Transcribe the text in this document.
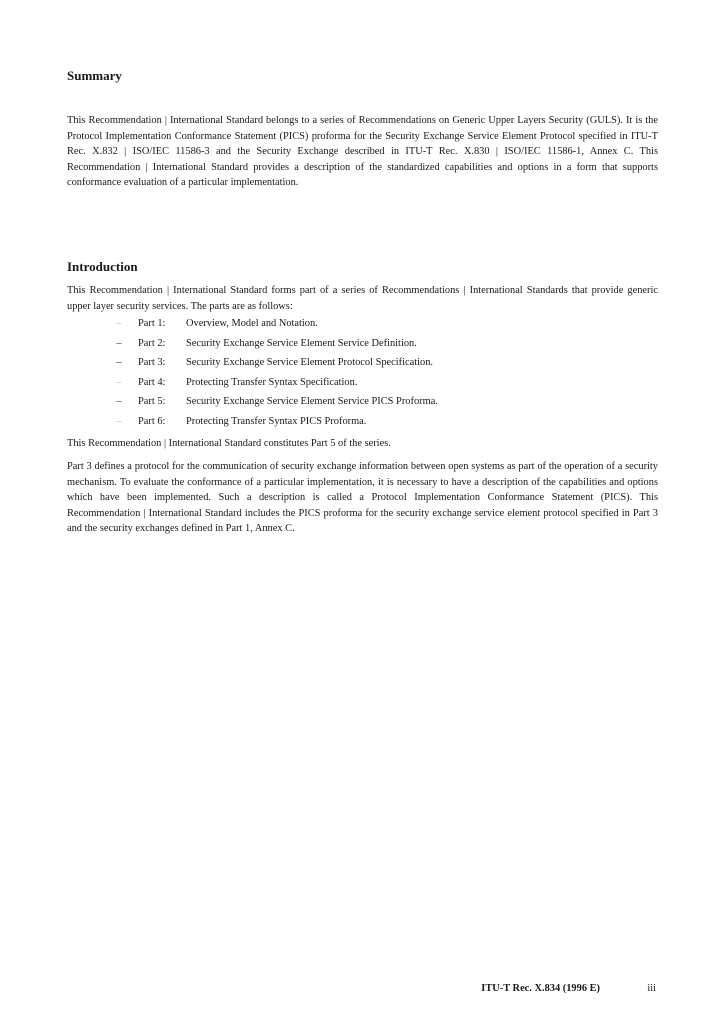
Summary

This Recommendation | International Standard belongs to a series of Recommendations on Generic Upper Layers Security (GULS). It is the Protocol Implementation Conformance Statement (PICS) proforma for the Security Exchange Service Element Protocol specified in ITU-T Rec. X.832 | ISO/IEC 11586-3 and the Security Exchange described in ITU-T Rec. X.830 | ISO/IEC 11586-1, Annex C. This Recommendation | International Standard provides a description of the standardized capabilities and options in a form that supports conformance evaluation of a particular implementation.

Introduction

This Recommendation | International Standard forms part of a series of Recommendations | International Standards that provide generic upper layer security services. The parts are as follows:

– Part 1: Overview, Model and Notation.
– Part 2: Security Exchange Service Element Service Definition.
– Part 3: Security Exchange Service Element Protocol Specification.
– Part 4: Protecting Transfer Syntax Specification.
– Part 5: Security Exchange Service Element Service PICS Proforma.
– Part 6: Protecting Transfer Syntax PICS Proforma.

This Recommendation | International Standard constitutes Part 5 of the series.

Part 3 defines a protocol for the communication of security exchange information between open systems as part of the operation of a security mechanism. To evaluate the conformance of a particular implementation, it is necessary to have a description of the capabilities and options which have been implemented. Such a description is called a Protocol Implementation Conformance Statement (PICS). This Recommendation | International Standard includes the PICS proforma for the security exchange service element protocol specified in Part 3 and the security exchanges defined in Part 1, Annex C.

ITU-T Rec. X.834 (1996 E)	iii
